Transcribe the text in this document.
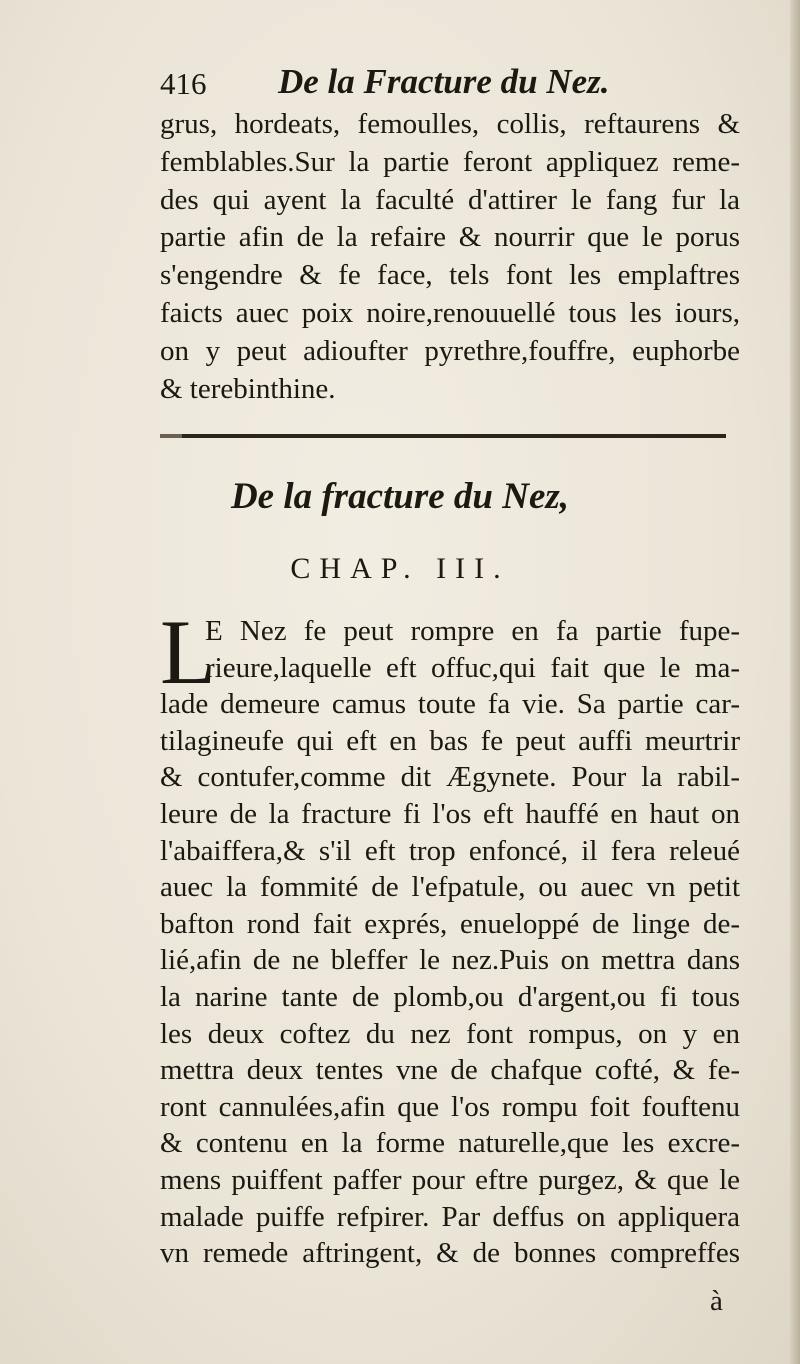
416 De la Fracture du Nez.
grus, hordeats, femoulles, collis, reftaurens &
femblables.Sur la partie feront appliquez reme-
des qui ayent la faculté d'attirer le fang fur la
partie afin de la refaire & nourrir que le porus
s'engendre & fe face, tels font les emplaftres
faicts auec poix noire,renouuellé tous les iours,
on y peut adioufter pyrethre,fouffre, euphorbe
& terebinthine.
De la fracture du Nez,
CHAP. III.
L
E Nez fe peut rompre en fa partie fupe-
rieure,laquelle eft offuc,qui fait que le ma-
lade demeure camus toute fa vie. Sa partie car-
tilagineufe qui eft en bas fe peut auffi meurtrir
& contufer,comme dit Ægynete. Pour la rabil-
leure de la fracture fi l'os eft hauffé en haut on
l'abaiffera,& s'il eft trop enfoncé, il fera releué
auec la fommité de l'efpatule, ou auec vn petit
bafton rond fait exprés, enueloppé de linge de-
lié,afin de ne bleffer le nez.Puis on mettra dans
la narine tante de plomb,ou d'argent,ou fi tous
les deux coftez du nez font rompus, on y en
mettra deux tentes vne de chafque cofté, & fe-
ront cannulées,afin que l'os rompu foit fouftenu
& contenu en la forme naturelle,que les excre-
mens puiffent paffer pour eftre purgez, & que le
malade puiffe refpirer. Par deffus on appliquera
vn remede aftringent, & de bonnes compreffes
à
